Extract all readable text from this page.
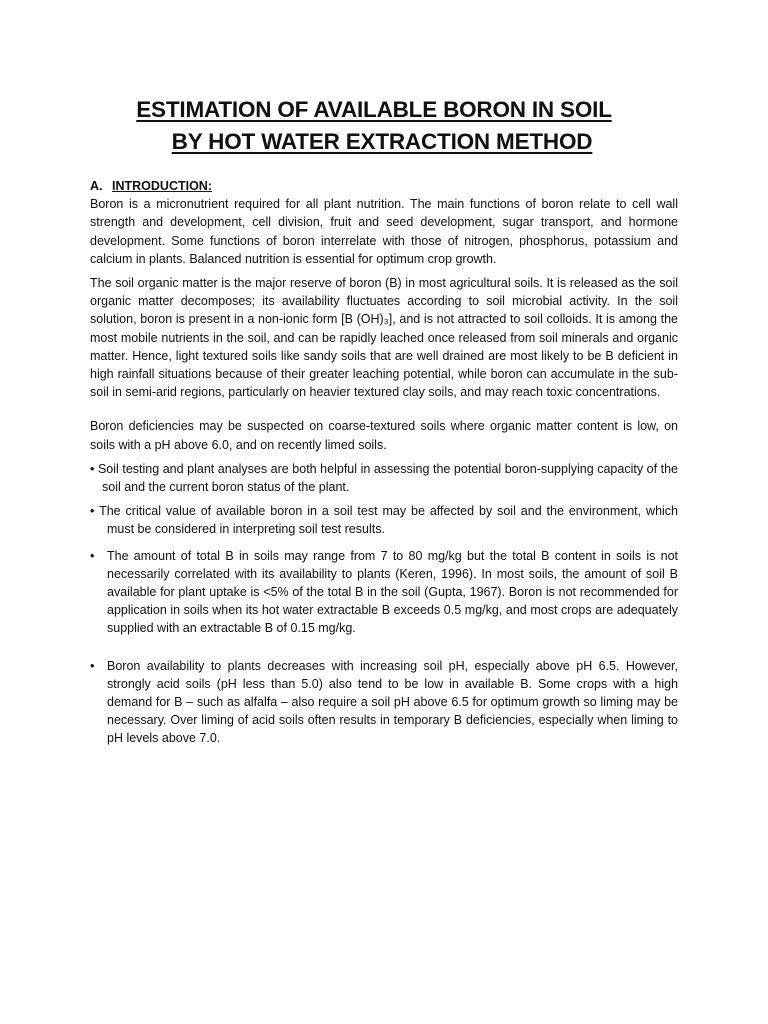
ESTIMATION OF AVAILABLE BORON IN SOIL
BY HOT WATER EXTRACTION METHOD

A. INTRODUCTION:

Boron is a micronutrient required for all plant nutrition. The main functions of boron relate to cell wall strength and development, cell division, fruit and seed development, sugar transport, and hormone development. Some functions of boron interrelate with those of nitrogen, phosphorus, potassium and calcium in plants. Balanced nutrition is essential for optimum crop growth.

The soil organic matter is the major reserve of boron (B) in most agricultural soils. It is released as the soil organic matter decomposes; its availability fluctuates according to soil microbial activity. In the soil solution, boron is present in a non-ionic form [B (OH)₃], and is not attracted to soil colloids. It is among the most mobile nutrients in the soil, and can be rapidly leached once released from soil minerals and organic matter. Hence, light textured soils like sandy soils that are well drained are most likely to be B deficient in high rainfall situations because of their greater leaching potential, while boron can accumulate in the sub-soil in semi-arid regions, particularly on heavier textured clay soils, and may reach toxic concentrations.

Boron deficiencies may be suspected on coarse-textured soils where organic matter content is low, on soils with a pH above 6.0, and on recently limed soils.

• Soil testing and plant analyses are both helpful in assessing the potential boron-supplying capacity of the soil and the current boron status of the plant.

• The critical value of available boron in a soil test may be affected by soil and the environment, which must be considered in interpreting soil test results.

• The amount of total B in soils may range from 7 to 80 mg/kg but the total B content in soils is not necessarily correlated with its availability to plants (Keren, 1996). In most soils, the amount of soil B available for plant uptake is <5% of the total B in the soil (Gupta, 1967). Boron is not recommended for application in soils when its hot water extractable B exceeds 0.5 mg/kg, and most crops are adequately supplied with an extractable B of 0.15 mg/kg.

• Boron availability to plants decreases with increasing soil pH, especially above pH 6.5. However, strongly acid soils (pH less than 5.0) also tend to be low in available B. Some crops with a high demand for B – such as alfalfa – also require a soil pH above 6.5 for optimum growth so liming may be necessary. Over liming of acid soils often results in temporary B deficiencies, especially when liming to pH levels above 7.0.
